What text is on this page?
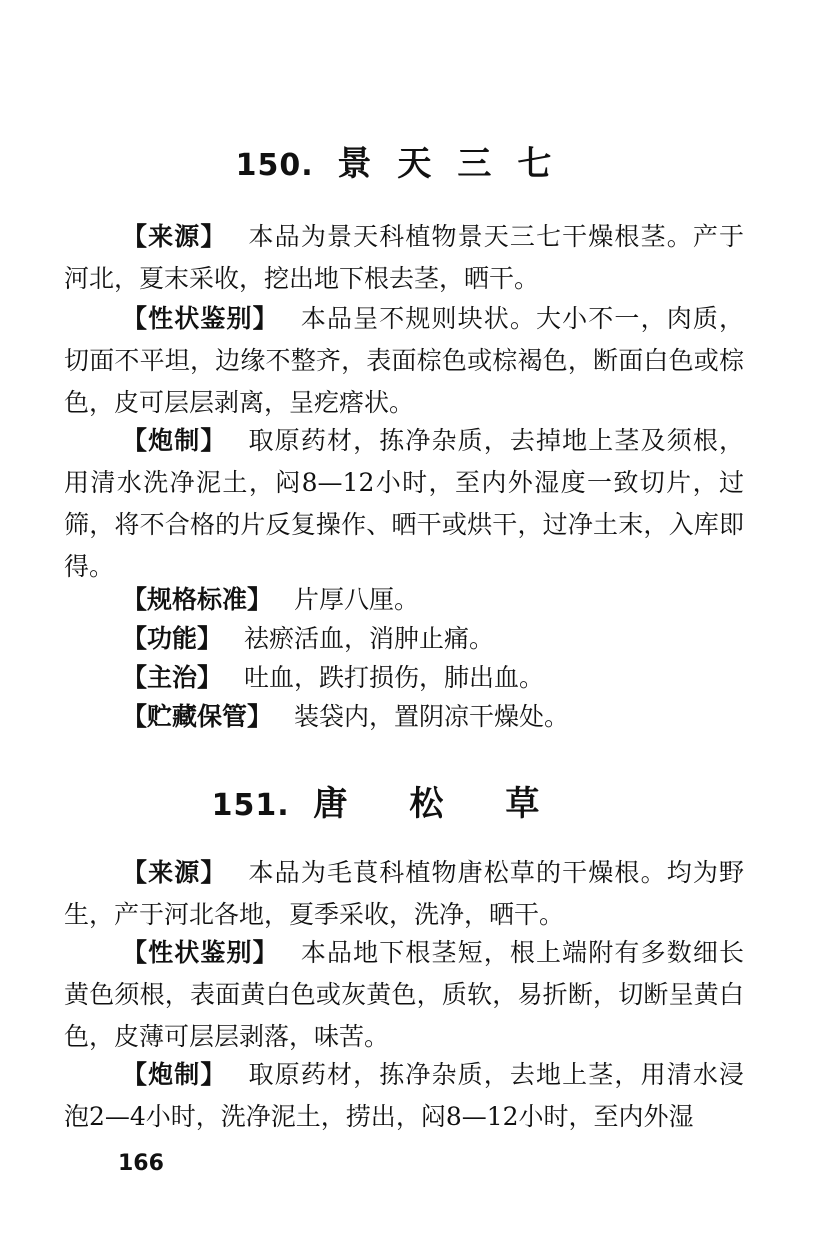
150. 景天三七

【来源】 本品为景天科植物景天三七干燥根茎。产于河北，夏末采收，挖出地下根去茎，晒干。

【性状鉴别】 本品呈不规则块状。大小不一，肉质，切面不平坦，边缘不整齐，表面棕色或棕褐色，断面白色或棕色，皮可层层剥离，呈疙瘩状。

【炮制】 取原药材，拣净杂质，去掉地上茎及须根，用清水洗净泥土，闷8—12小时，至内外湿度一致切片，过筛，将不合格的片反复操作、晒干或烘干，过净土末，入库即得。

【规格标准】 片厚八厘。

【功能】 祛瘀活血，消肿止痛。

【主治】 吐血，跌打损伤，肺出血。

【贮藏保管】 装袋内，置阴凉干燥处。

151. 唐松草

【来源】 本品为毛茛科植物唐松草的干燥根。均为野生，产于河北各地，夏季采收，洗净，晒干。

【性状鉴别】 本品地下根茎短，根上端附有多数细长黄色须根，表面黄白色或灰黄色，质软，易折断，切断呈黄白色，皮薄可层层剥落，味苦。

【炮制】 取原药材，拣净杂质，去地上茎，用清水浸泡2—4小时，洗净泥土，捞出，闷8—12小时，至内外湿

166
